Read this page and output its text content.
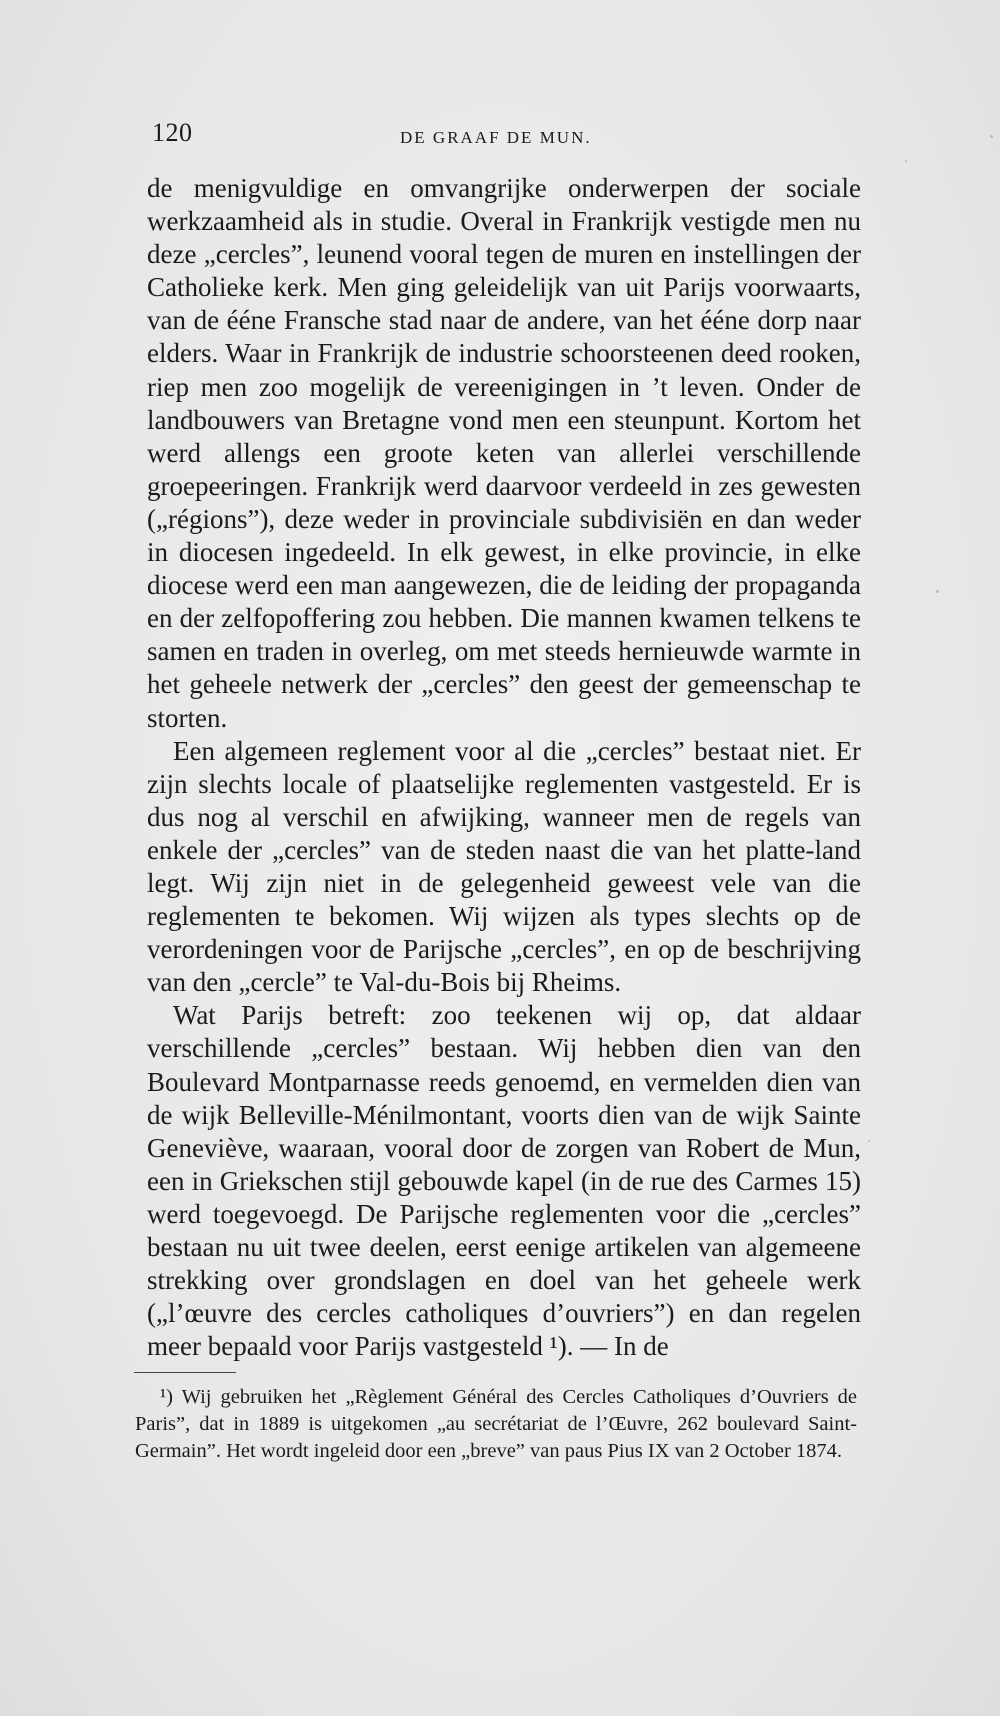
120	DE GRAAF DE MUN.

de menigvuldige en omvangrijke onderwerpen der sociale werkzaamheid als in studie. Overal in Frankrijk vestigde men nu deze „cercles”, leunend vooral tegen de muren en instellingen der Catholieke kerk. Men ging geleidelijk van uit Parijs voorwaarts, van de ééne Fransche stad naar de andere, van het ééne dorp naar elders. Waar in Frankrijk de industrie schoorsteenen deed rooken, riep men zoo mogelijk de vereenigingen in ’t leven. Onder de landbouwers van Bretagne vond men een steunpunt. Kortom het werd allengs een groote keten van allerlei verschillende groepeeringen. Frankrijk werd daarvoor verdeeld in zes gewesten („régions”), deze weder in provinciale subdivisiën en dan weder in diocesen ingedeeld. In elk gewest, in elke provincie, in elke diocese werd een man aangewezen, die de leiding der propaganda en der zelfopoffering zou hebben. Die mannen kwamen telkens te samen en traden in overleg, om met steeds hernieuwde warmte in het geheele netwerk der „cercles” den geest der gemeenschap te storten.

Een algemeen reglement voor al die „cercles” bestaat niet. Er zijn slechts locale of plaatselijke reglementen vastgesteld. Er is dus nog al verschil en afwijking, wanneer men de regels van enkele der „cercles” van de steden naast die van het platte-land legt. Wij zijn niet in de gelegenheid geweest vele van die reglementen te bekomen. Wij wijzen als types slechts op de verordeningen voor de Parijsche „cercles”, en op de beschrijving van den „cercle” te Val-du-Bois bij Rheims.

Wat Parijs betreft: zoo teekenen wij op, dat aldaar verschillende „cercles” bestaan. Wij hebben dien van den Boulevard Montparnasse reeds genoemd, en vermelden dien van de wijk Belleville-Ménilmontant, voorts dien van de wijk Sainte Geneviève, waaraan, vooral door de zorgen van Robert de Mun, een in Griekschen stijl gebouwde kapel (in de rue des Carmes 15) werd toegevoegd. De Parijsche reglementen voor die „cercles” bestaan nu uit twee deelen, eerst eenige artikelen van algemeene strekking over grondslagen en doel van het geheele werk („l’œuvre des cercles catholiques d’ouvriers”) en dan regelen meer bepaald voor Parijs vastgesteld ¹). — In de

¹) Wij gebruiken het „Règlement Général des Cercles Catholiques d’Ouvriers de Paris”, dat in 1889 is uitgekomen „au secrétariat de l’Œuvre, 262 boulevard Saint-Germain”. Het wordt ingeleid door een „breve” van paus Pius IX van 2 October 1874.
